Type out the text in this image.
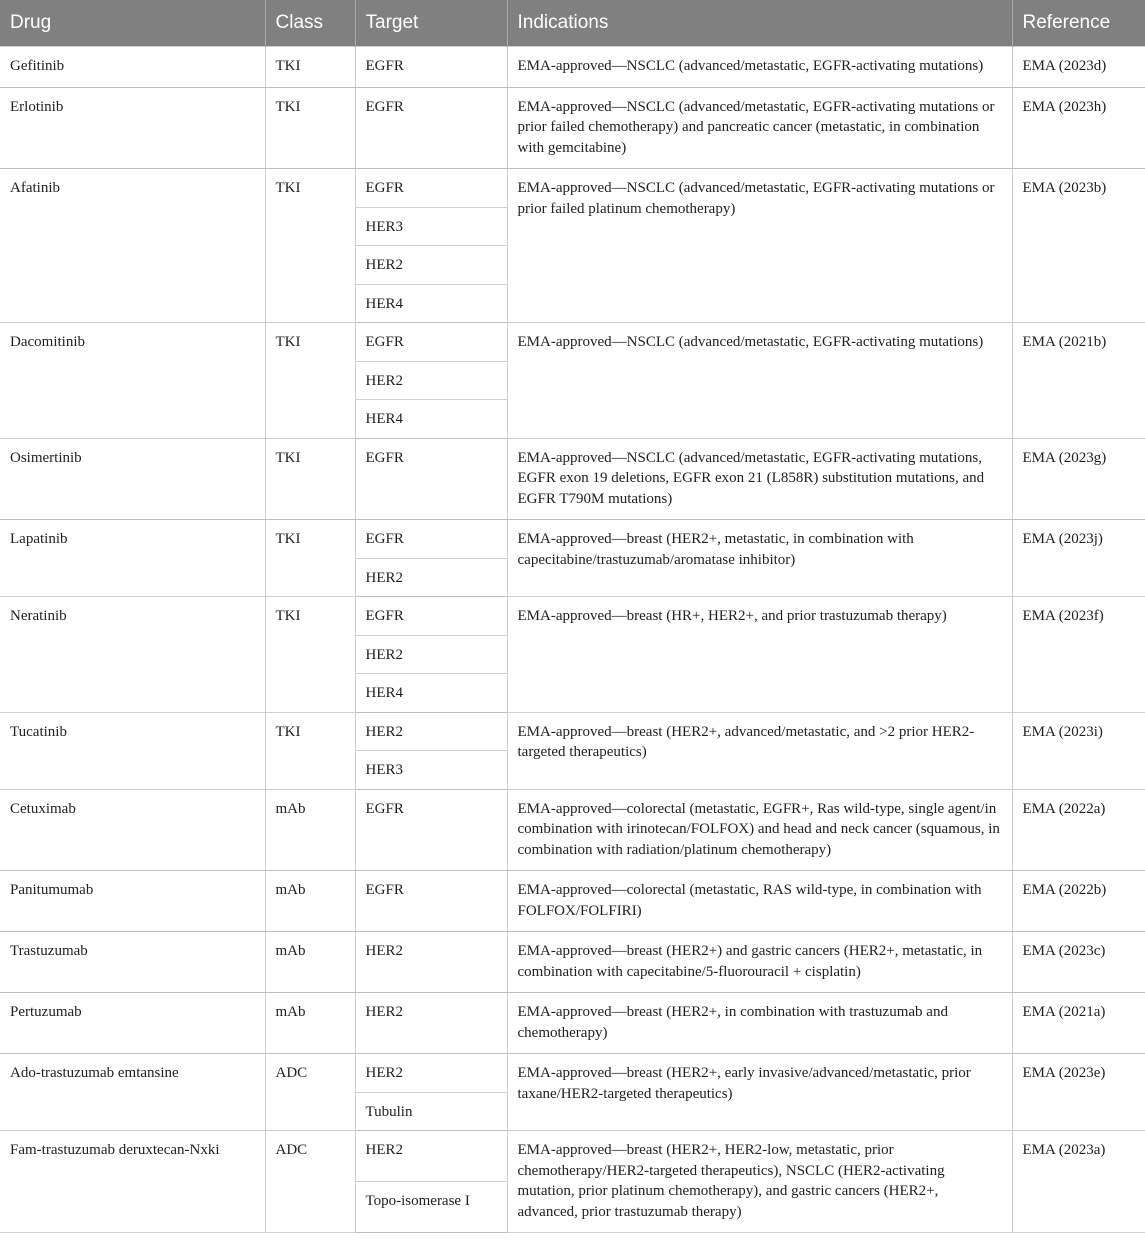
Drug	Class	Target	Indications	Reference
Gefitinib	TKI	EGFR	EMA-approved—NSCLC (advanced/metastatic, EGFR-activating mutations)	EMA (2023d)
Erlotinib	TKI	EGFR	EMA-approved—NSCLC (advanced/metastatic, EGFR-activating mutations or prior failed chemotherapy) and pancreatic cancer (metastatic, in combination with gemcitabine)	EMA (2023h)
Afatinib	TKI	EGFR	EMA-approved—NSCLC (advanced/metastatic, EGFR-activating mutations or prior failed platinum chemotherapy)	EMA (2023b)
		HER3		
		HER2		
		HER4		
Dacomitinib	TKI	EGFR	EMA-approved—NSCLC (advanced/metastatic, EGFR-activating mutations)	EMA (2021b)
		HER2		
		HER4		
Osimertinib	TKI	EGFR	EMA-approved—NSCLC (advanced/metastatic, EGFR-activating mutations, EGFR exon 19 deletions, EGFR exon 21 (L858R) substitution mutations, and EGFR T790M mutations)	EMA (2023g)
Lapatinib	TKI	EGFR	EMA-approved—breast (HER2+, metastatic, in combination with capecitabine/trastuzumab/aromatase inhibitor)	EMA (2023j)
		HER2		
Neratinib	TKI	EGFR	EMA-approved—breast (HR+, HER2+, and prior trastuzumab therapy)	EMA (2023f)
		HER2		
		HER4		
Tucatinib	TKI	HER2	EMA-approved—breast (HER2+, advanced/metastatic, and >2 prior HER2-targeted therapeutics)	EMA (2023i)
		HER3		
Cetuximab	mAb	EGFR	EMA-approved—colorectal (metastatic, EGFR+, Ras wild-type, single agent/in combination with irinotecan/FOLFOX) and head and neck cancer (squamous, in combination with radiation/platinum chemotherapy)	EMA (2022a)
Panitumumab	mAb	EGFR	EMA-approved—colorectal (metastatic, RAS wild-type, in combination with FOLFOX/FOLFIRI)	EMA (2022b)
Trastuzumab	mAb	HER2	EMA-approved—breast (HER2+) and gastric cancers (HER2+, metastatic, in combination with capecitabine/5-fluorouracil + cisplatin)	EMA (2023c)
Pertuzumab	mAb	HER2	EMA-approved—breast (HER2+, in combination with trastuzumab and chemotherapy)	EMA (2021a)
Ado-trastuzumab emtansine	ADC	HER2	EMA-approved—breast (HER2+, early invasive/advanced/metastatic, prior taxane/HER2-targeted therapeutics)	EMA (2023e)
		Tubulin		
Fam-trastuzumab deruxtecan-Nxki	ADC	HER2	EMA-approved—breast (HER2+, HER2-low, metastatic, prior chemotherapy/HER2-targeted therapeutics), NSCLC (HER2-activating mutation, prior platinum chemotherapy), and gastric cancers (HER2+, advanced, prior trastuzumab therapy)	EMA (2023a)
		Topo-isomerase I		
